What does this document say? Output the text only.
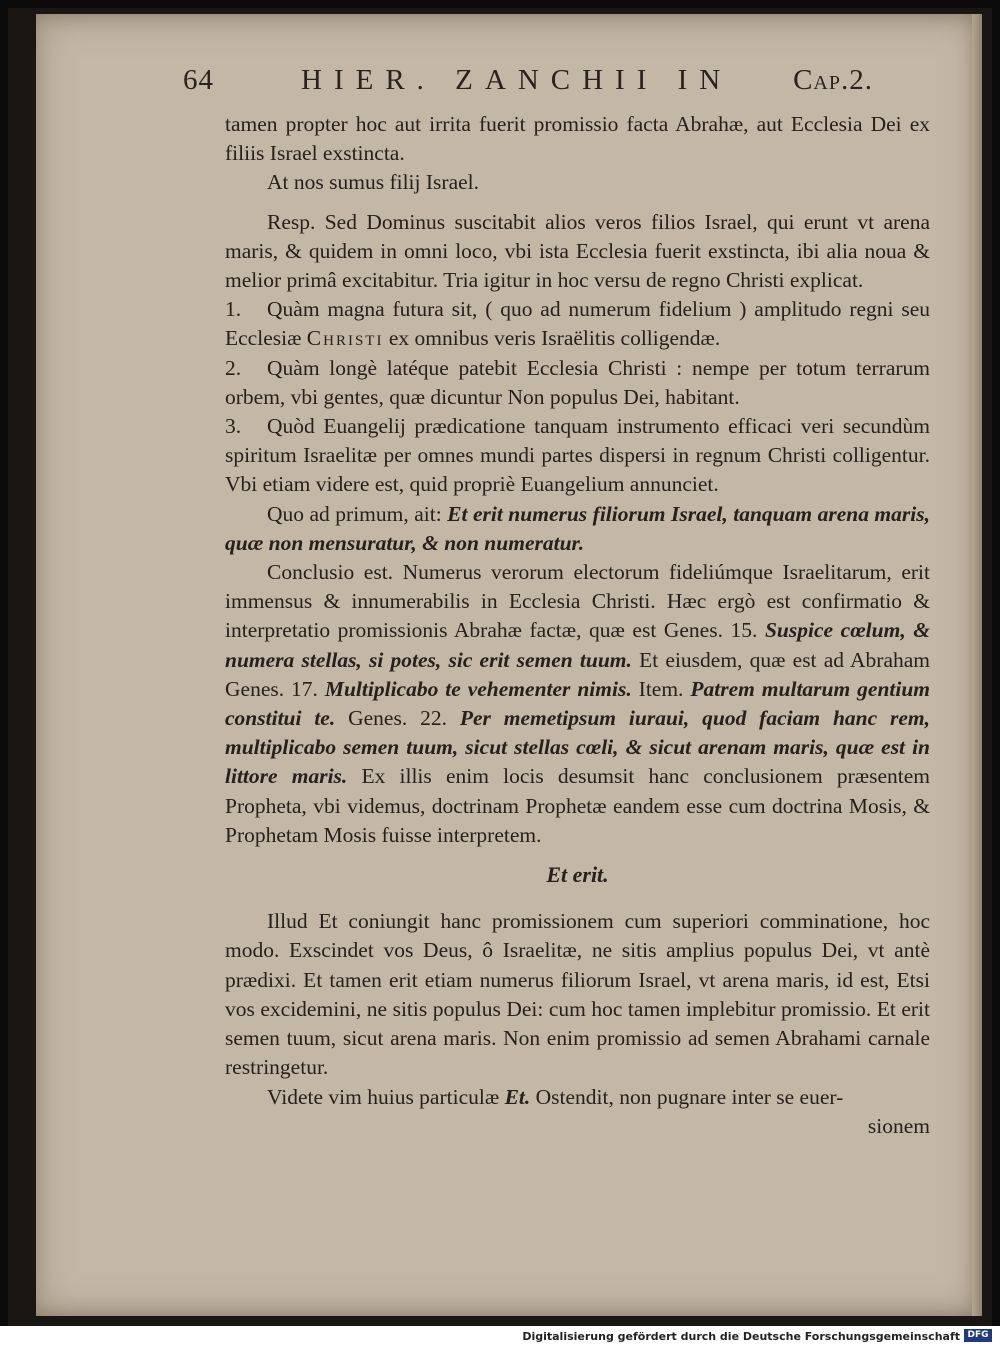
64	HIER. ZANCHII IN Cap.2.

tamen propter hoc aut irrita fuerit promissio facta Abrahæ, aut Ecclesia Dei ex filiis Israel exstincta.

At nos sumus filij Israel.

Resp. Sed Dominus suscitabit alios veros filios Israel, qui erunt vt arena maris, & quidem in omni loco, vbi ista Ecclesia fuerit exstincta, ibi alia noua & melior primâ excitabitur. Tria igitur in hoc versu de regno Christi explicat.

1. Quàm magna futura sit, ( quo ad numerum fidelium ) amplitudo regni seu Ecclesiæ Christi ex omnibus veris Israëlitis colligendæ.

2. Quàm longè latéque patebit Ecclesia Christi : nempe per totum terrarum orbem, vbi gentes, quæ dicuntur Non populus Dei, habitant.

3. Quòd Euangelij prædicatione tanquam instrumento efficaci veri secundùm spiritum Israelitæ per omnes mundi partes dispersi in regnum Christi colligentur. Vbi etiam videre est, quid propriè Euangelium annunciet.

Quo ad primum, ait: Et erit numerus filiorum Israel, tanquam arena maris, quæ non mensuratur, & non numeratur.

Conclusio est. Numerus verorum electorum fideliúmque Israelitarum, erit immensus & innumerabilis in Ecclesia Christi. Hæc ergò est confirmatio & interpretatio promissionis Abrahæ factæ, quæ est Genes. 15. Suspice cœlum, & numera stellas, si potes, sic erit semen tuum. Et eiusdem, quæ est ad Abraham Genes. 17. Multiplicabo te vehementer nimis. Item. Patrem multarum gentium constitui te. Genes. 22. Per memetipsum iuraui, quod faciam hanc rem, multiplicabo semen tuum, sicut stellas cœli, & sicut arenam maris, quæ est in littore maris. Ex illis enim locis desumsit hanc conclusionem præsentem Propheta, vbi videmus, doctrinam Prophetæ eandem esse cum doctrina Mosis, & Prophetam Mosis fuisse interpretem.

Et erit.

Illud Et coniungit hanc promissionem cum superiori comminatione, hoc modo. Exscindet vos Deus, ô Israelitæ, ne sitis amplius populus Dei, vt antè prædixi. Et tamen erit etiam numerus filiorum Israel, vt arena maris, id est, Etsi vos excidemini, ne sitis populus Dei: cum hoc tamen implebitur promissio. Et erit semen tuum, sicut arena maris. Non enim promissio ad semen Abrahami carnale restringetur.

Videte vim huius particulæ Et. Ostendit, non pugnare inter se euer-

sionem

Digitalisierung gefördert durch die Deutsche Forschungsgemeinschaft DFG
